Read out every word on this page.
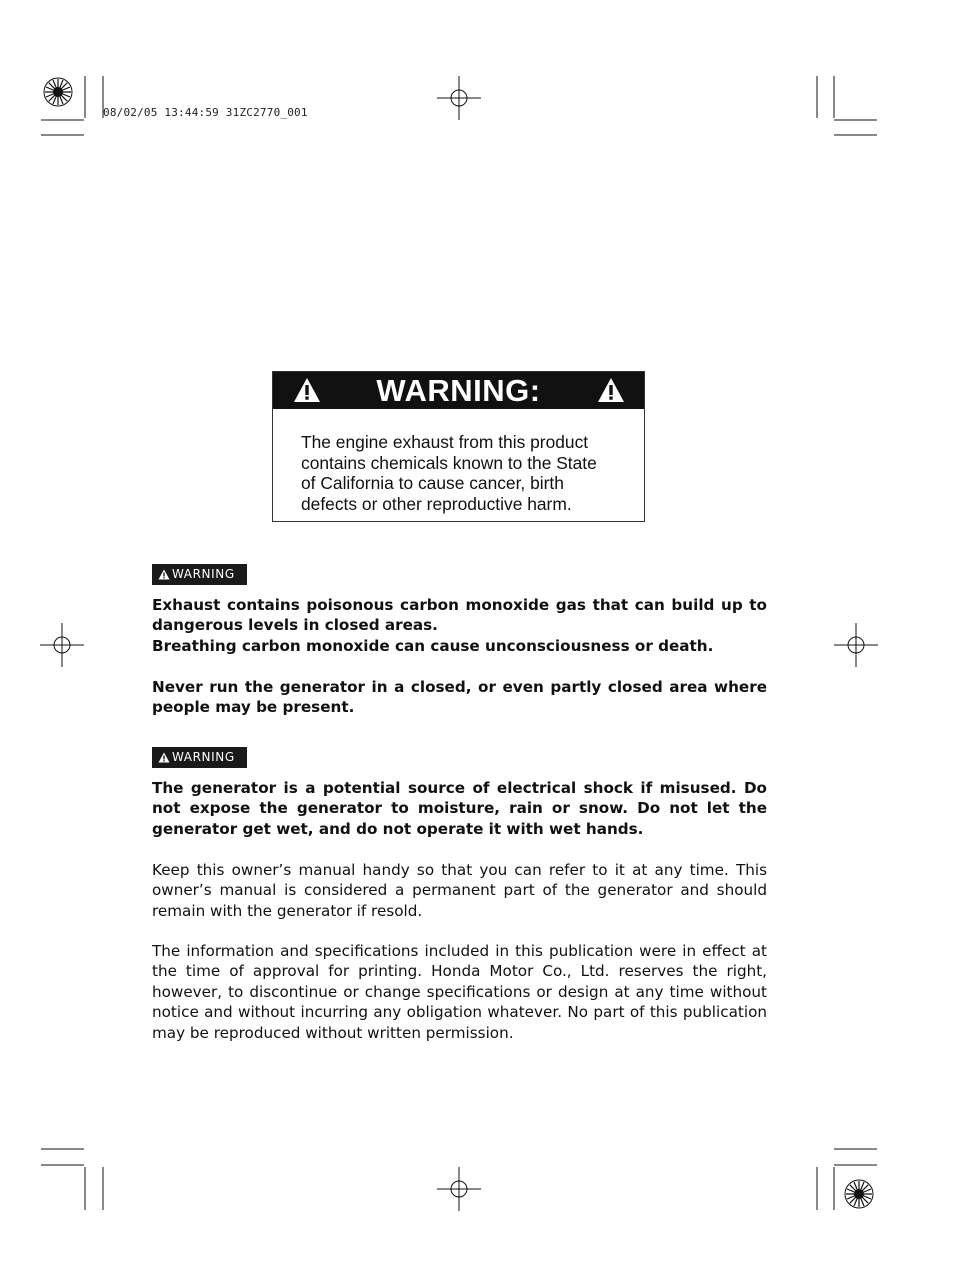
08/02/05 13:44:59 31ZC2770_001
WARNING:
The engine exhaust from this product
contains chemicals known to the State
of California to cause cancer, birth
defects or other reproductive harm.
WARNING
Exhaust contains poisonous carbon monoxide gas that can build up to dangerous levels in closed areas.
Breathing carbon monoxide can cause unconsciousness or death.
Never run the generator in a closed, or even partly closed area where people may be present.
WARNING
The generator is a potential source of electrical shock if misused. Do not expose the generator to moisture, rain or snow. Do not let the generator get wet, and do not operate it with wet hands.
Keep this owner’s manual handy so that you can refer to it at any time. This owner’s manual is considered a permanent part of the generator and should remain with the generator if resold.
The information and specifications included in this publication were in effect at the time of approval for printing. Honda Motor Co., Ltd. reserves the right, however, to discontinue or change specifications or design at any time without notice and without incurring any obligation whatever. No part of this publication may be reproduced without written permission.
